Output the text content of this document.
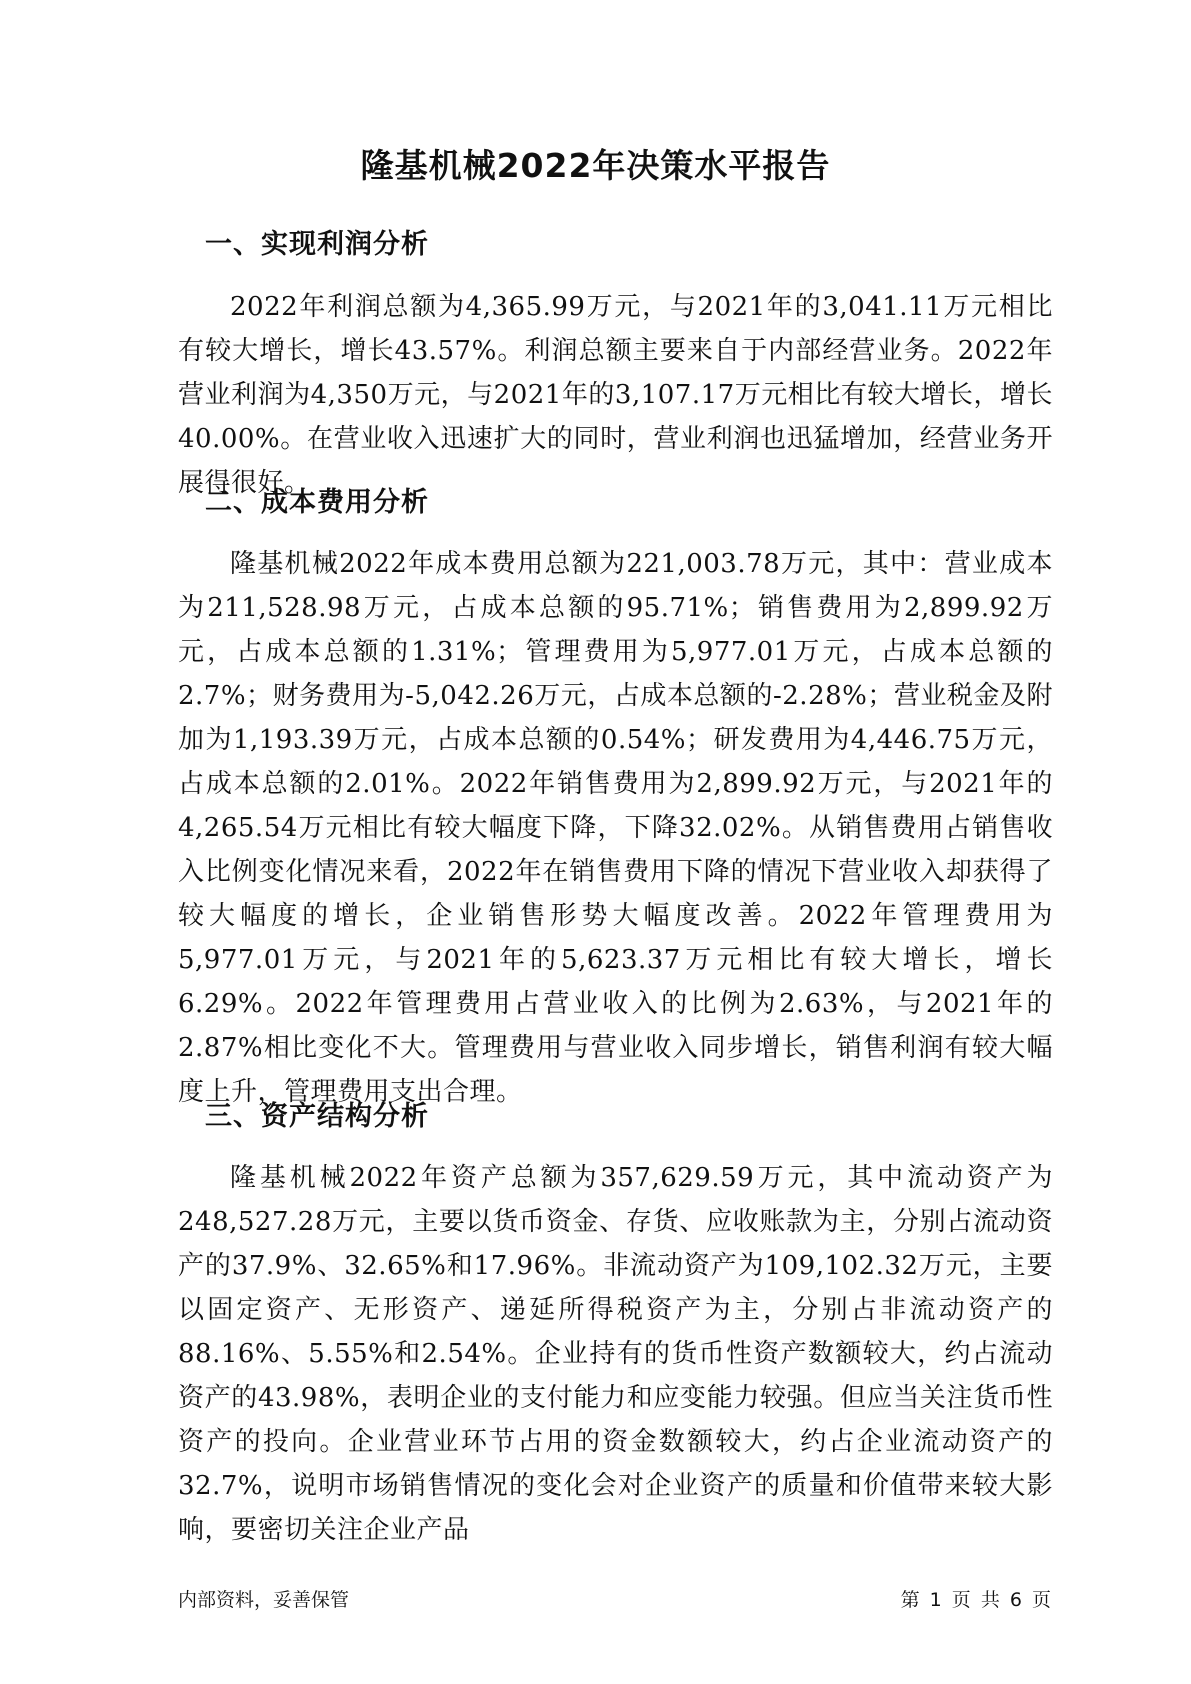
隆基机械2022年决策水平报告
一、实现利润分析

2022年利润总额为4,365.99万元，与2021年的3,041.11万元相比有较大增长，增长43.57%。利润总额主要来自于内部经营业务。2022年营业利润为4,350万元，与2021年的3,107.17万元相比有较大增长，增长40.00%。在营业收入迅速扩大的同时，营业利润也迅猛增加，经营业务开展得很好。

二、成本费用分析

隆基机械2022年成本费用总额为221,003.78万元，其中：营业成本为211,528.98万元，占成本总额的95.71%；销售费用为2,899.92万元，占成本总额的1.31%；管理费用为5,977.01万元，占成本总额的2.7%；财务费用为-5,042.26万元，占成本总额的-2.28%；营业税金及附加为1,193.39万元，占成本总额的0.54%；研发费用为4,446.75万元，占成本总额的2.01%。2022年销售费用为2,899.92万元，与2021年的4,265.54万元相比有较大幅度下降，下降32.02%。从销售费用占销售收入比例变化情况来看，2022年在销售费用下降的情况下营业收入却获得了较大幅度的增长，企业销售形势大幅度改善。2022年管理费用为5,977.01万元，与2021年的5,623.37万元相比有较大增长，增长6.29%。2022年管理费用占营业收入的比例为2.63%，与2021年的2.87%相比变化不大。管理费用与营业收入同步增长，销售利润有较大幅度上升，管理费用支出合理。

三、资产结构分析

隆基机械2022年资产总额为357,629.59万元，其中流动资产为248,527.28万元，主要以货币资金、存货、应收账款为主，分别占流动资产的37.9%、32.65%和17.96%。非流动资产为109,102.32万元，主要以固定资产、无形资产、递延所得税资产为主，分别占非流动资产的88.16%、5.55%和2.54%。企业持有的货币性资产数额较大，约占流动资产的43.98%，表明企业的支付能力和应变能力较强。但应当关注货币性资产的投向。企业营业环节占用的资金数额较大，约占企业流动资产的32.7%，说明市场销售情况的变化会对企业资产的质量和价值带来较大影响，要密切关注企业产品

内部资料，妥善保管	第 1 页 共 6 页
